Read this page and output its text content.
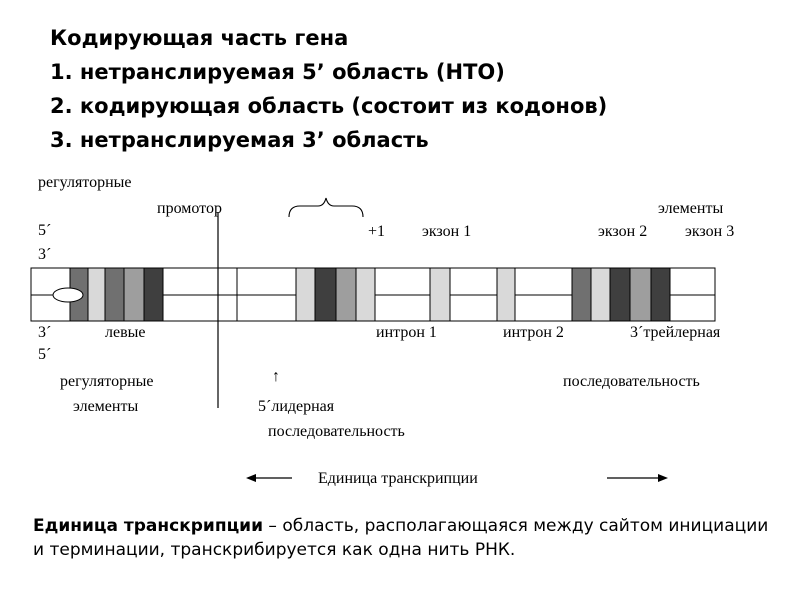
Кодирующая часть гена
1. нетранслируемая 5’ область (НТО)
2. кодирующая область (состоит из кодонов)
3. нетранслируемая 3’ область
регуляторные
промотор	элементы
5´
3´
+1 экзон 1	экзон 2 экзон 3
3´	левые	интрон 1	интрон 2	3´трейлерная
5´
регуляторные	↑	последовательность
элементы	5´лидерная
последовательность
Единица транскрипции
Единица транскрипции – область, располагающаяся между сайтом инициации и терминации, транскрибируется как одна нить РНК.
